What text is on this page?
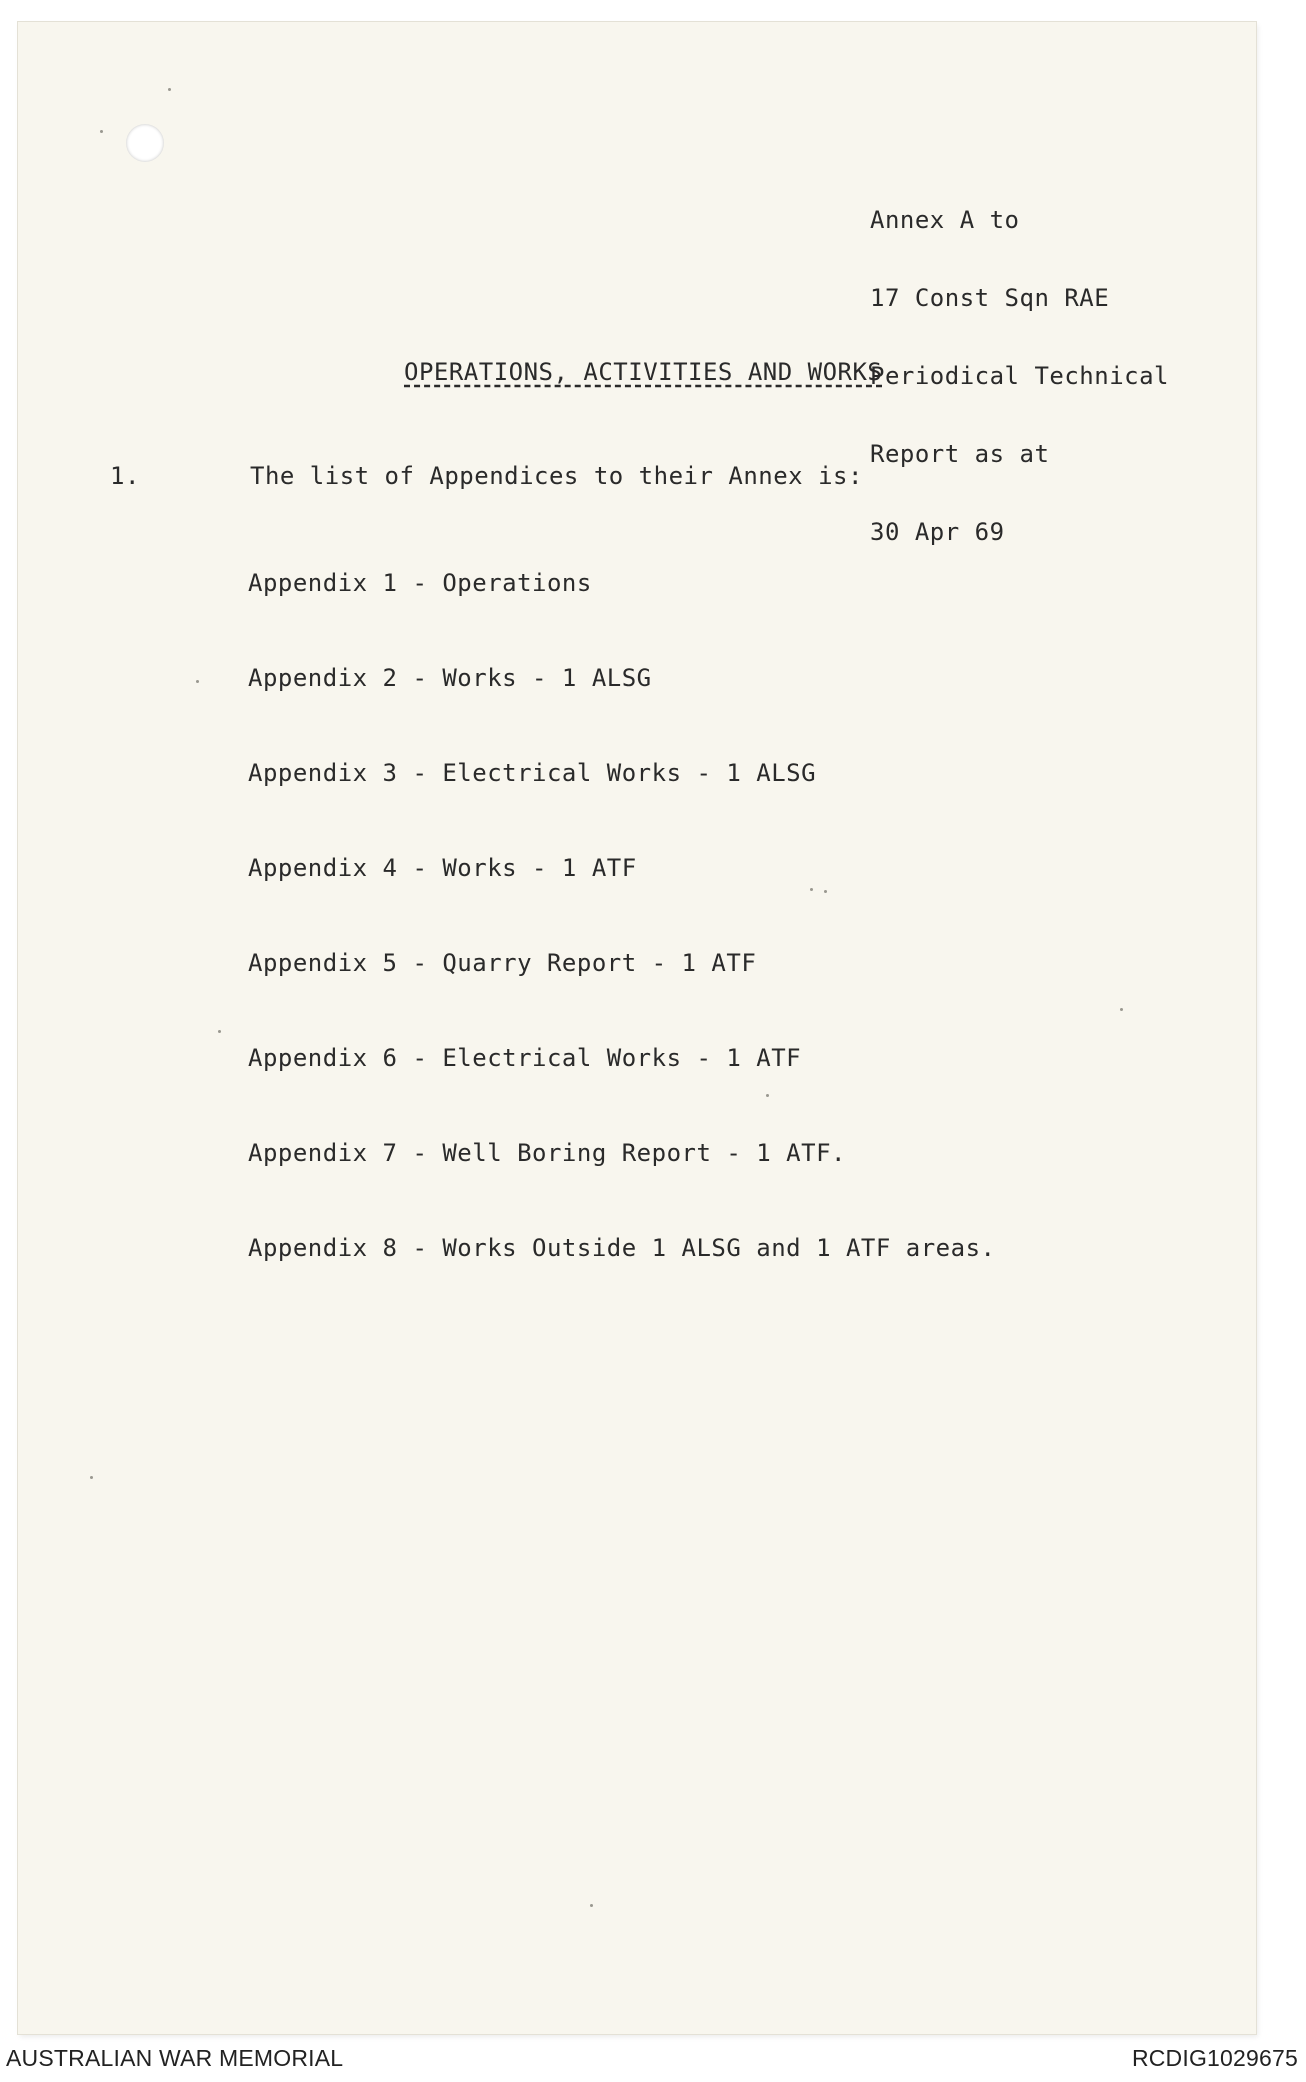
Annex A to

17 Const Sqn RAE

Periodical Technical

Report as at

30 Apr 69

OPERATIONS, ACTIVITIES AND WORKS
1.	The list of Appendices to their Annex is:

Appendix 1 - Operations

Appendix 2 - Works - 1 ALSG

Appendix 3 - Electrical Works - 1 ALSG

Appendix 4 - Works - 1 ATF

Appendix 5 - Quarry Report - 1 ATF

Appendix 6 - Electrical Works - 1 ATF

Appendix 7 - Well Boring Report - 1 ATF.

Appendix 8 - Works Outside 1 ALSG and 1 ATF areas.

AUSTRALIAN WAR MEMORIAL	RCDIG1029675
